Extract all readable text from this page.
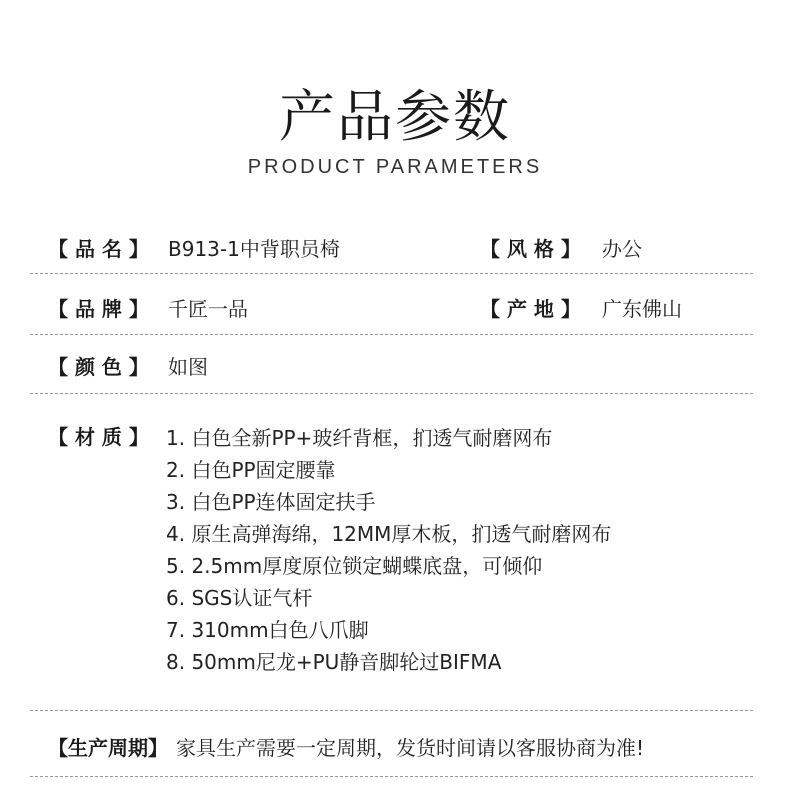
产品参数
PRODUCT PARAMETERS
【 品 名 】 B913-1中背职员椅	【 风 格 】 办公
【 品 牌 】 千匠一品	【 产 地 】 广东佛山
【 颜 色 】 如图
【 材 质 】 1. 白色全新PP+玻纤背框，扪透气耐磨网布
2. 白色PP固定腰靠
3. 白色PP连体固定扶手
4. 原生高弹海绵，12MM厚木板，扪透气耐磨网布
5. 2.5mm厚度原位锁定蝴蝶底盘，可倾仰
6. SGS认证气杆
7. 310mm白色八爪脚
8. 50mm尼龙+PU静音脚轮过BIFMA
【生产周期】 家具生产需要一定周期，发货时间请以客服协商为准!
